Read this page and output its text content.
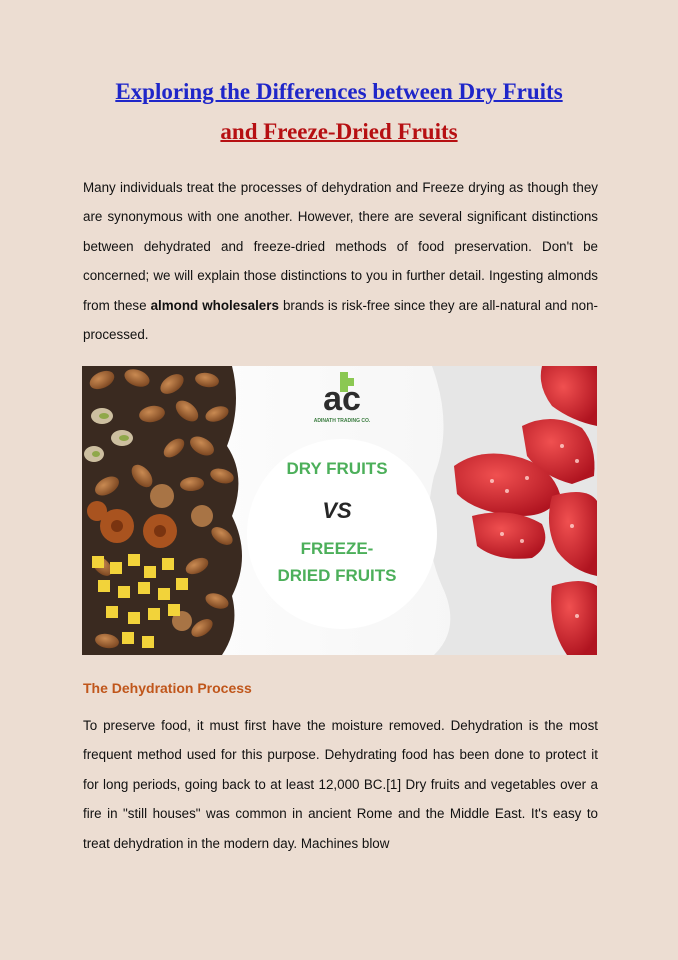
Exploring the Differences between Dry Fruits
and Freeze-Dried Fruits

Many individuals treat the processes of dehydration and Freeze drying as though they are synonymous with one another. However, there are several significant distinctions between dehydrated and freeze-dried methods of food preservation. Don't be concerned; we will explain those distinctions to you in further detail. Ingesting almonds from these almond wholesalers brands is risk-free since they are all-natural and non-processed.

ac
ADINATH TRADING CO.
DRY FRUITS
VS
FREEZE-
DRIED FRUITS
The Dehydration Process

To preserve food, it must first have the moisture removed. Dehydration is the most frequent method used for this purpose. Dehydrating food has been done to protect it for long periods, going back to at least 12,000 BC.[1] Dry fruits and vegetables over a fire in "still houses" was common in ancient Rome and the Middle East. It's easy to treat dehydration in the modern day. Machines blow
